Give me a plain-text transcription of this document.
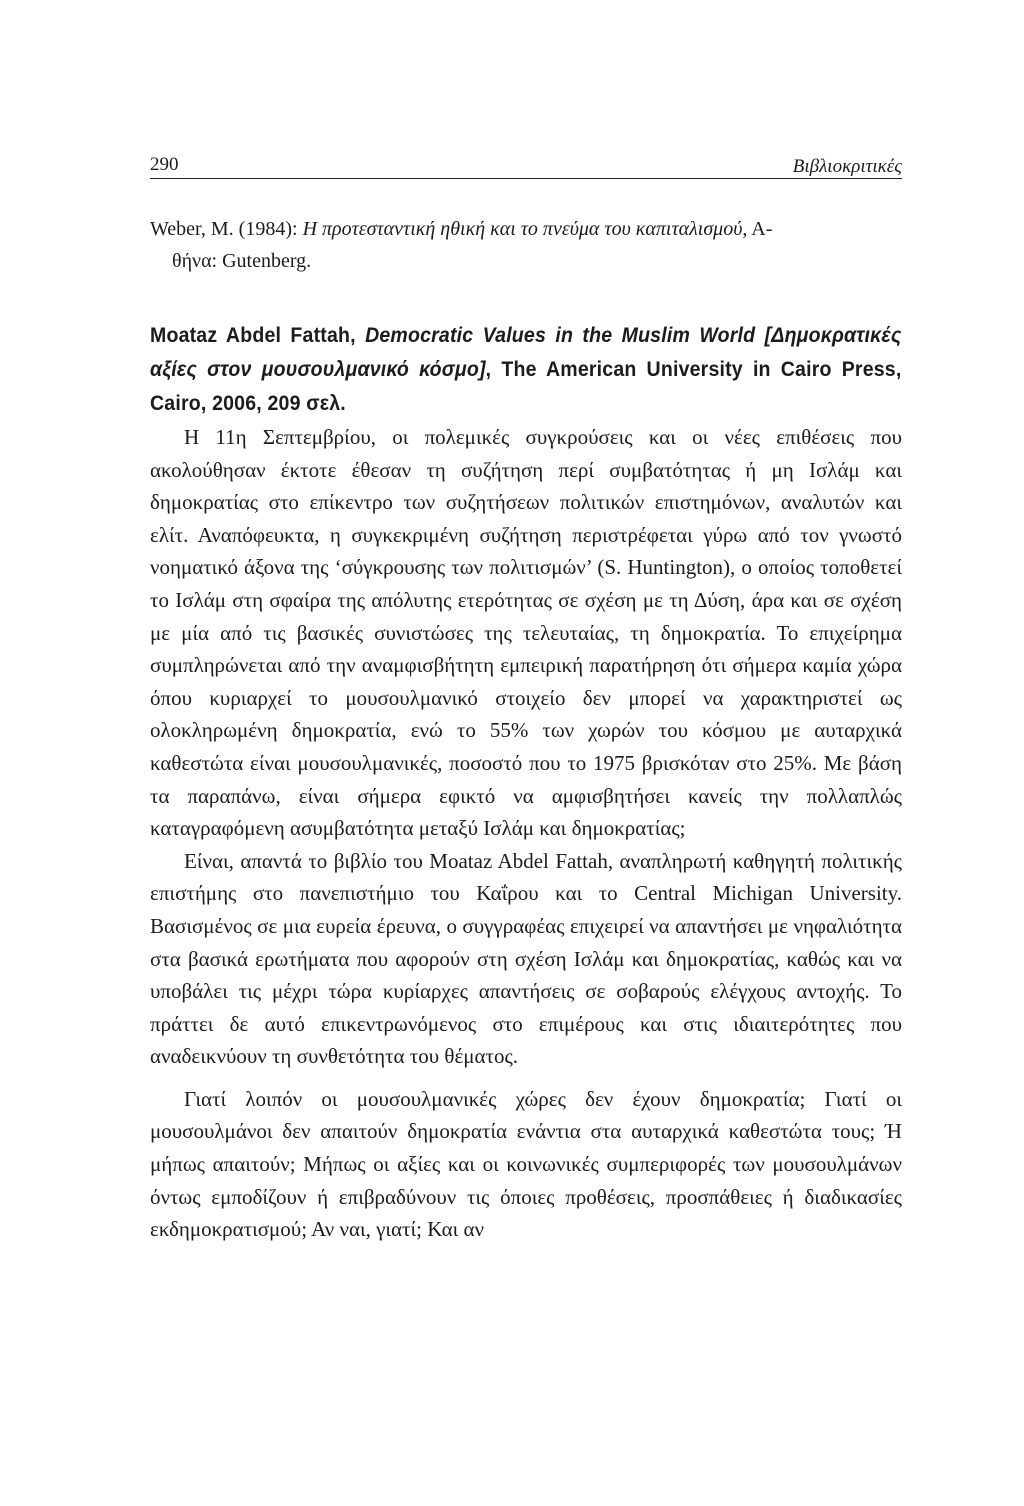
290	Βιβλιοκριτικές
Weber, M. (1984): Η προτεσταντική ηθική και το πνεύμα του καπιταλισμού, Α-
θήνα: Gutenberg.
Moataz Abdel Fattah, Democratic Values in the Muslim World [Δημοκρατικές αξίες στον μουσουλμανικό κόσμο], The American University in Cairo Press, Cairo, 2006, 209 σελ.

Η 11η Σεπτεμβρίου, οι πολεμικές συγκρούσεις και οι νέες επιθέσεις που ακολούθησαν έκτοτε έθεσαν τη συζήτηση περί συμβατότητας ή μη Ισλάμ και δημοκρατίας στο επίκεντρο των συζητήσεων πολιτικών επιστημόνων, αναλυτών και ελίτ. Αναπόφευκτα, η συγκεκριμένη συζήτηση περιστρέφεται γύρω από τον γνωστό νοηματικό άξονα της ‘σύγκρουσης των πολιτισμών’ (S. Huntington), ο οποίος τοποθετεί το Ισλάμ στη σφαίρα της απόλυτης ετερότητας σε σχέση με τη Δύση, άρα και σε σχέση με μία από τις βασικές συνιστώσες της τελευταίας, τη δημοκρατία. Το επιχείρημα συμπληρώνεται από την αναμφισβήτητη εμπειρική παρατήρηση ότι σήμερα καμία χώρα όπου κυριαρχεί το μουσουλμανικό στοιχείο δεν μπορεί να χαρακτηριστεί ως ολοκληρωμένη δημοκρατία, ενώ το 55% των χωρών του κόσμου με αυταρχικά καθεστώτα είναι μουσουλμανικές, ποσοστό που το 1975 βρισκόταν στο 25%. Με βάση τα παραπάνω, είναι σήμερα εφικτό να αμφισβητήσει κανείς την πολλαπλώς καταγραφόμενη ασυμβατότητα μεταξύ Ισλάμ και δημοκρατίας;

Είναι, απαντά το βιβλίο του Moataz Abdel Fattah, αναπληρωτή καθηγητή πολιτικής επιστήμης στο πανεπιστήμιο του Καΐρου και το Central Michigan University. Βασισμένος σε μια ευρεία έρευνα, ο συγγραφέας επιχειρεί να απαντήσει με νηφαλιότητα στα βασικά ερωτήματα που αφορούν στη σχέση Ισλάμ και δημοκρατίας, καθώς και να υποβάλει τις μέχρι τώρα κυρίαρχες απαντήσεις σε σοβαρούς ελέγχους αντοχής. Το πράττει δε αυτό επικεντρωνόμενος στο επιμέρους και στις ιδιαιτερότητες που αναδεικνύουν τη συνθετότητα του θέματος.

Γιατί λοιπόν οι μουσουλμανικές χώρες δεν έχουν δημοκρατία; Γιατί οι μουσουλμάνοι δεν απαιτούν δημοκρατία ενάντια στα αυταρχικά καθεστώτα τους; Ή μήπως απαιτούν; Μήπως οι αξίες και οι κοινωνικές συμπεριφορές των μουσουλμάνων όντως εμποδίζουν ή επιβραδύνουν τις όποιες προθέσεις, προσπάθειες ή διαδικασίες εκδημοκρατισμού; Αν ναι, γιατί; Και αν
